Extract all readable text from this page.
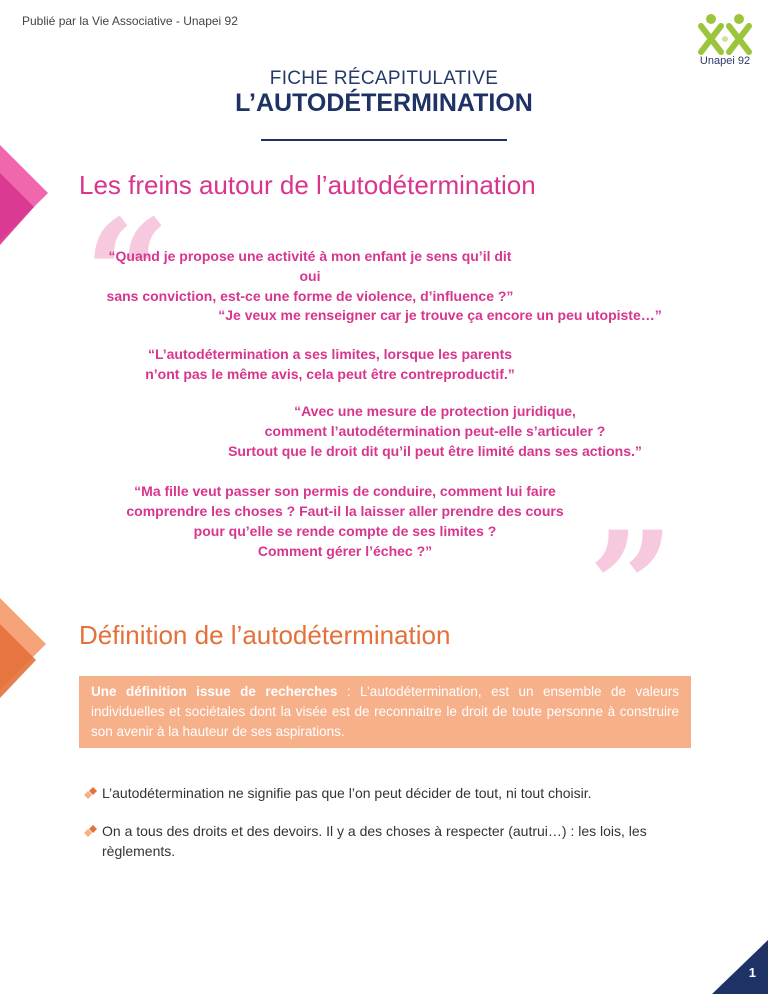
Publié par la Vie Associative - Unapei 92
Unapei 92
FICHE RÉCAPITULATIVE
L’AUTODÉTERMINATION
Les freins autour de l’autodétermination
“
”
“Quand je propose une activité à mon enfant je sens qu’il dit oui
sans conviction, est-ce une forme de violence, d’influence ?”
“Je veux me renseigner car je trouve ça encore un peu utopiste…”
“L’autodétermination a ses limites, lorsque les parents
n’ont pas le même avis, cela peut être contreproductif.”
“Avec une mesure de protection juridique,
comment l’autodétermination peut-elle s’articuler ?
Surtout que le droit dit qu’il peut être limité dans ses actions.”
“Ma fille veut passer son permis de conduire, comment lui faire
comprendre les choses ? Faut-il la laisser aller prendre des cours
pour qu’elle se rende compte de ses limites ?
Comment gérer l’échec ?”
Définition de l’autodétermination
Une définition issue de recherches : L’autodétermination, est un ensemble de valeurs individuelles et sociétales dont la visée est de reconnaitre le droit de toute personne à construire son avenir à la hauteur de ses aspirations.
L’autodétermination ne signifie pas que l’on peut décider de tout, ni tout choisir.
On a tous des droits et des devoirs. Il y a des choses à respecter (autrui…) : les lois, les règlements.
1
